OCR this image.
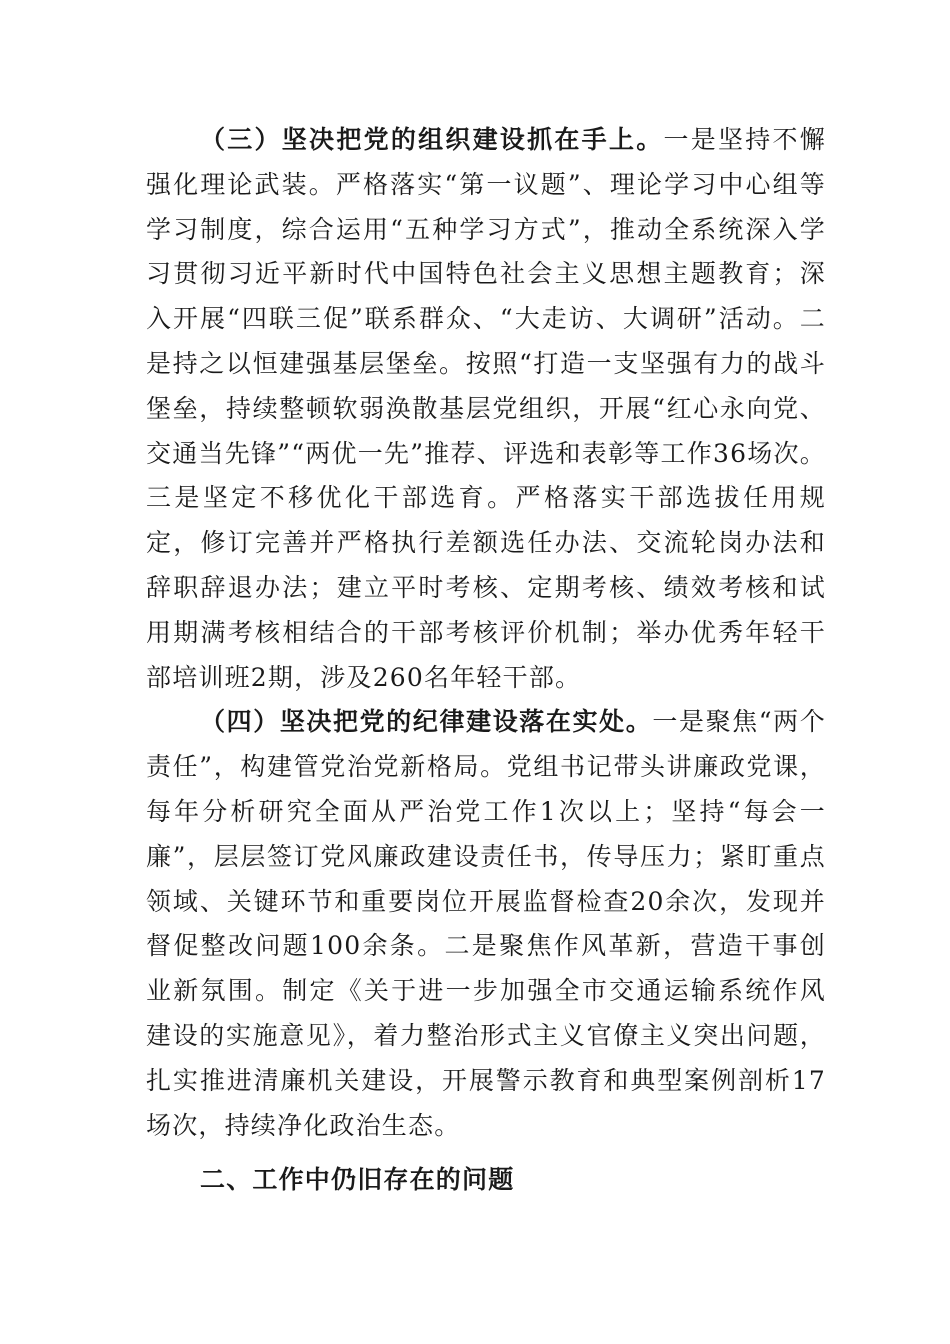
（三）坚决把党的组织建设抓在手上。一是坚持不懈强化理论武装。严格落实“第一议题”、理论学习中心组等学习制度，综合运用“五种学习方式”，推动全系统深入学习贯彻习近平新时代中国特色社会主义思想主题教育；深入开展“四联三促”联系群众、“大走访、大调研”活动。二是持之以恒建强基层堡垒。按照“打造一支坚强有力的战斗堡垒，持续整顿软弱涣散基层党组织，开展“红心永向党、交通当先锋”“两优一先”推荐、评选和表彰等工作36场次。三是坚定不移优化干部选育。严格落实干部选拔任用规定，修订完善并严格执行差额选任办法、交流轮岗办法和辞职辞退办法；建立平时考核、定期考核、绩效考核和试用期满考核相结合的干部考核评价机制；举办优秀年轻干部培训班2期，涉及260名年轻干部。

（四）坚决把党的纪律建设落在实处。一是聚焦“两个责任”，构建管党治党新格局。党组书记带头讲廉政党课，每年分析研究全面从严治党工作1次以上；坚持“每会一廉”，层层签订党风廉政建设责任书，传导压力；紧盯重点领域、关键环节和重要岗位开展监督检查20余次，发现并督促整改问题100余条。二是聚焦作风革新，营造干事创业新氛围。制定《关于进一步加强全市交通运输系统作风建设的实施意见》，着力整治形式主义官僚主义突出问题，扎实推进清廉机关建设，开展警示教育和典型案例剖析17场次，持续净化政治生态。

二、工作中仍旧存在的问题
